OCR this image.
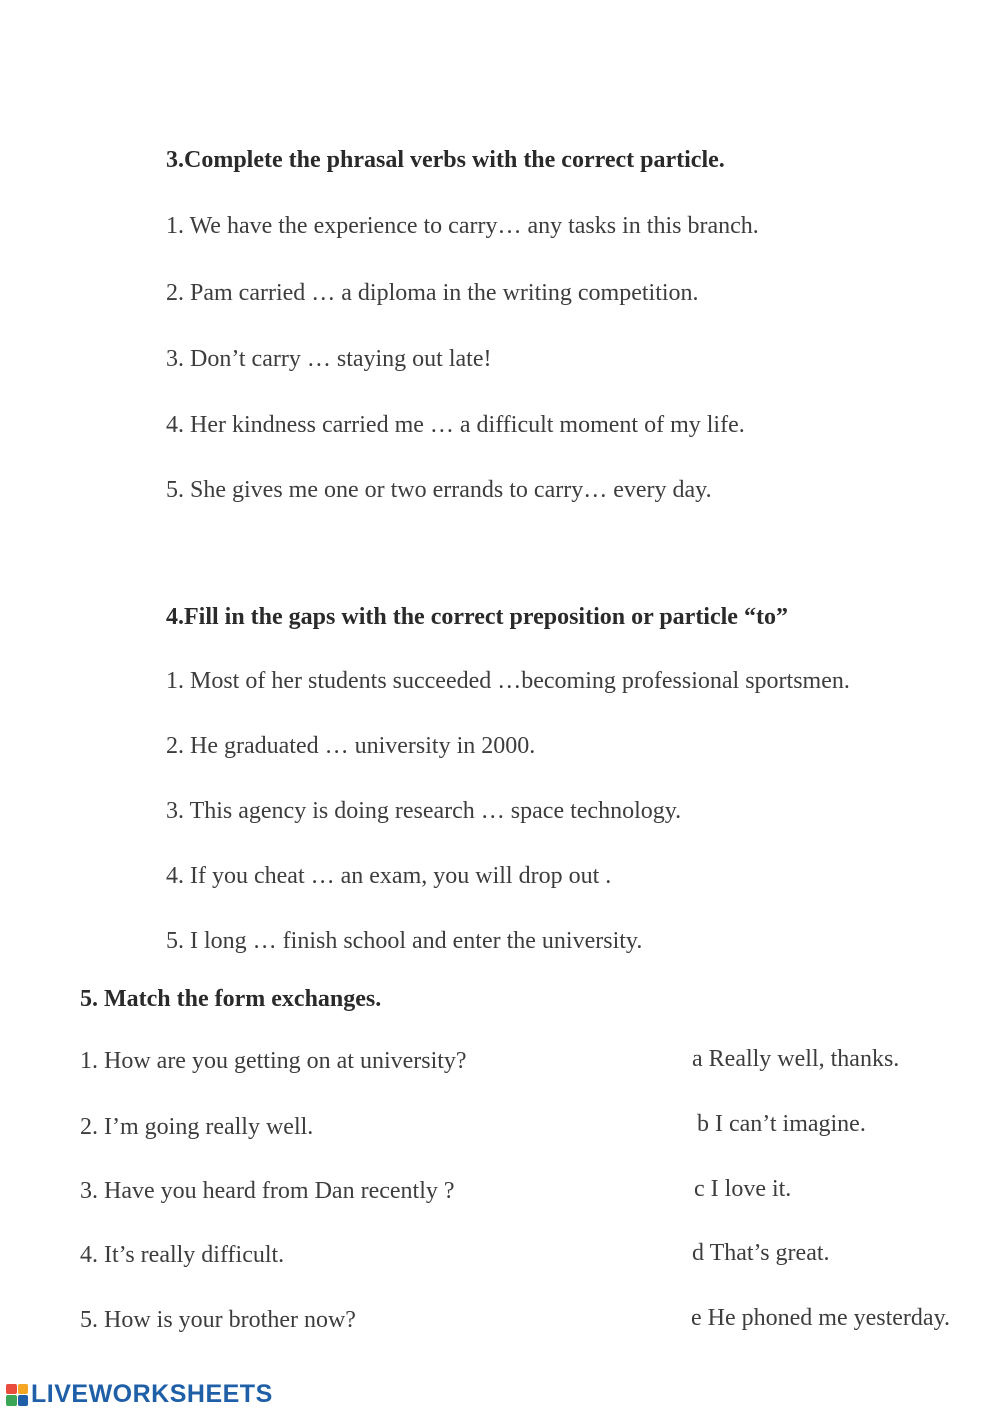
3.Complete the phrasal verbs with the correct particle.

1. We have the experience to carry… any tasks in this branch.

2. Pam carried … a diploma in the writing competition.

3. Don’t carry … staying out late!

4. Her kindness carried me … a difficult moment of my life.

5. She gives me one or two errands to carry… every day.

4.Fill in the gaps with the correct preposition or particle “to”

1. Most of her students succeeded …becoming professional sportsmen.

2. He graduated … university in 2000.

3. This agency is doing research … space technology.

4. If you cheat … an exam, you will drop out .

5. I long … finish school and enter the university.

5. Match the form exchanges.

1. How are you getting on at university?

2. I’m going really well.

3. Have you heard from Dan recently ?

4. It’s really difficult.

5. How is your brother now?

a Really well, thanks.

b I can’t imagine.

c I love it.

d That’s great.

e He phoned me yesterday.

LIVEWORKSHEETS
